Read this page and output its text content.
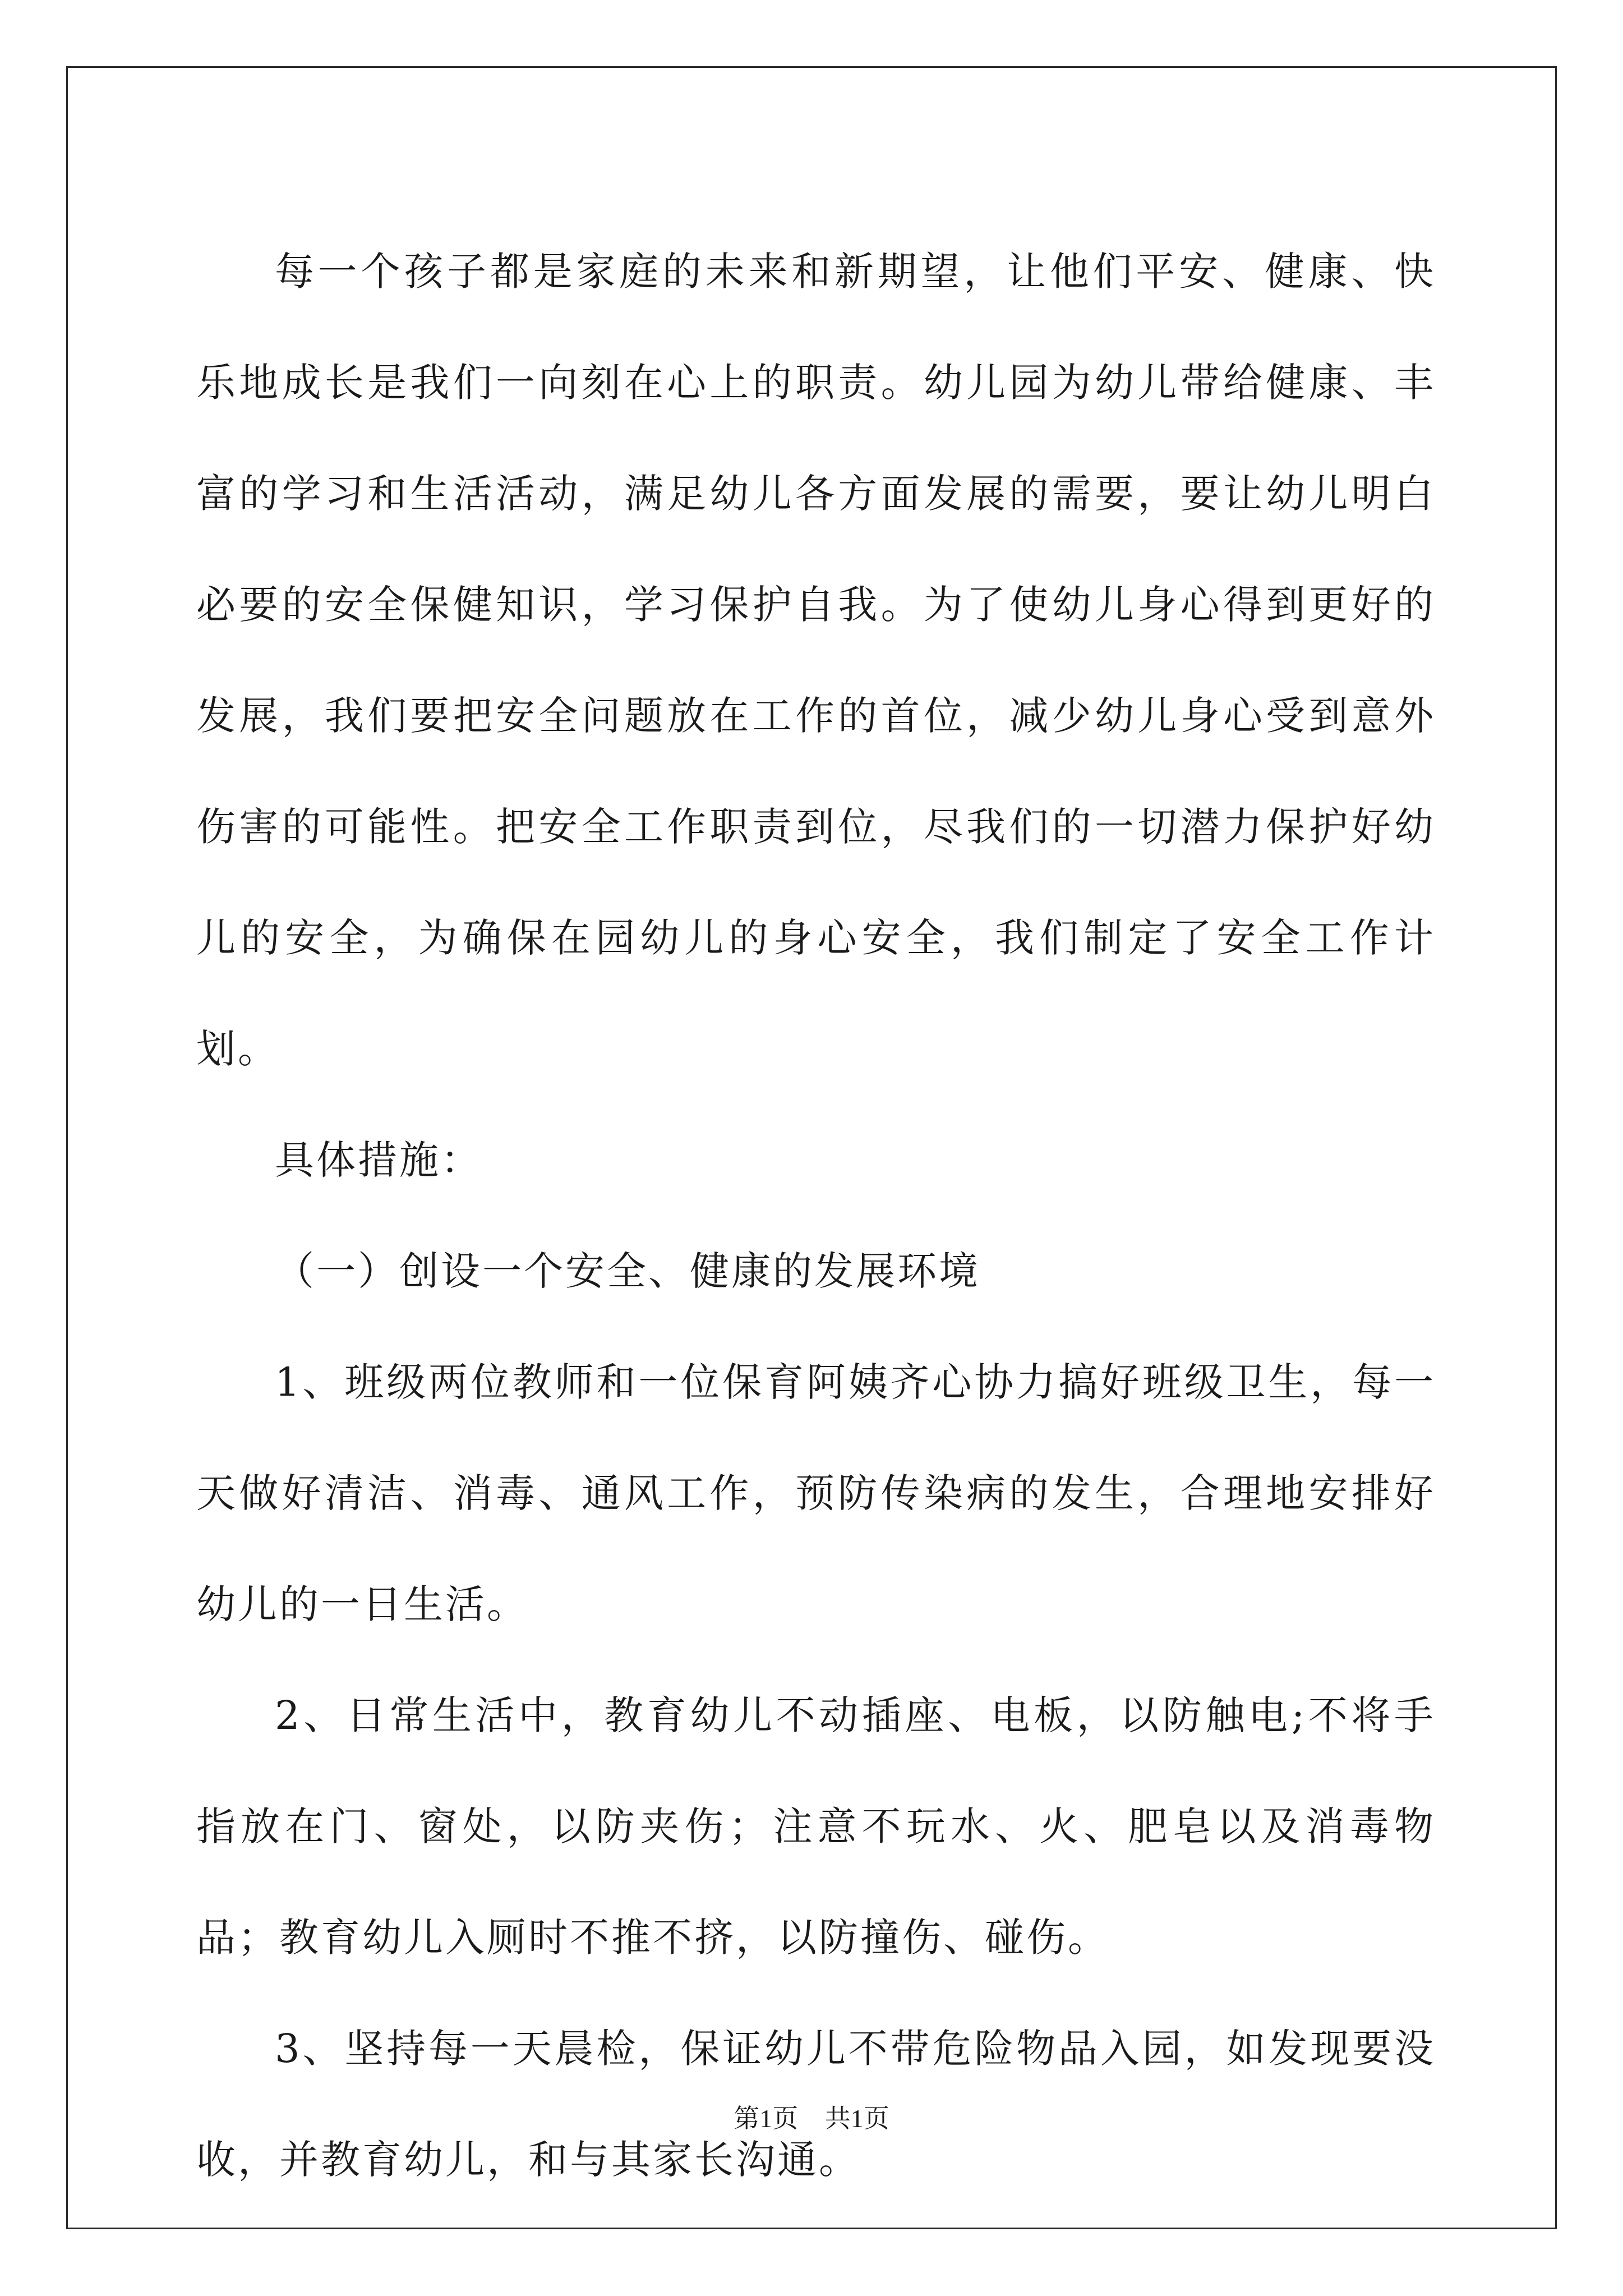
每一个孩子都是家庭的未来和新期望，让他们平安、健康、快乐地成长是我们一向刻在心上的职责。幼儿园为幼儿带给健康、丰富的学习和生活活动，满足幼儿各方面发展的需要，要让幼儿明白必要的安全保健知识，学习保护自我。为了使幼儿身心得到更好的发展，我们要把安全问题放在工作的首位，减少幼儿身心受到意外伤害的可能性。把安全工作职责到位，尽我们的一切潜力保护好幼儿的安全，为确保在园幼儿的身心安全，我们制定了安全工作计划。

具体措施：

（一）创设一个安全、健康的发展环境

1、班级两位教师和一位保育阿姨齐心协力搞好班级卫生，每一天做好清洁、消毒、通风工作，预防传染病的发生，合理地安排好幼儿的一日生活。

2、日常生活中，教育幼儿不动插座、电板，以防触电;不将手指放在门、窗处，以防夹伤；注意不玩水、火、肥皂以及消毒物品；教育幼儿入厕时不推不挤，以防撞伤、碰伤。

3、坚持每一天晨检，保证幼儿不带危险物品入园，如发现要没收，并教育幼儿，和与其家长沟通。

第1页 共1页
